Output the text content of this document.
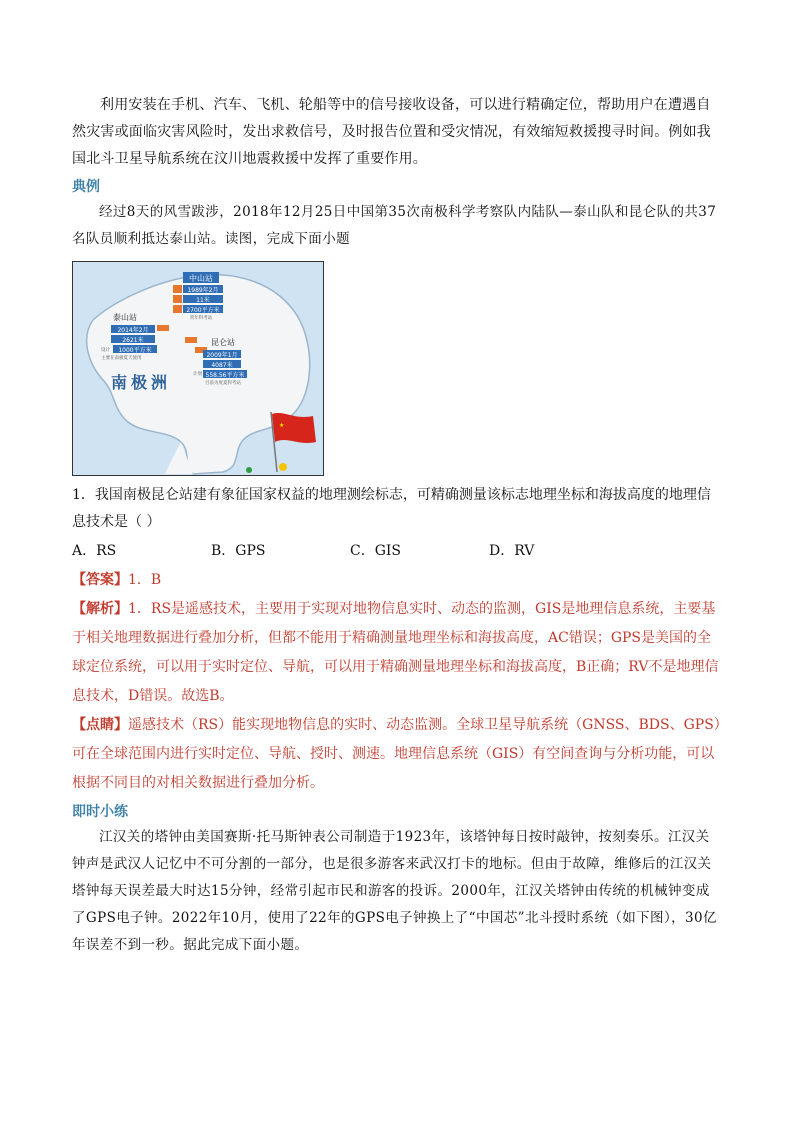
利用安装在手机、汽车、飞机、轮船等中的信号接收设备，可以进行精确定位，帮助用户在遭遇自然灾害或面临灾害风险时，发出求救信号，及时报告位置和受灾情况，有效缩短救援搜寻时间。例如我国北斗卫星导航系统在汶川地震救援中发挥了重要作用。

典例

经过8天的风雪跋涉，2018年12月25日中国第35次南极科学考察队内陆队—泰山队和昆仑队的共37名队员顺利抵达泰山站。读图，完成下面小题

中山站
1989年2月
11米
2700平方米
常年科考站
泰山站
2014年2月
2621米
1000平方米
设计
主要在南极夏天使用
昆仑站
2009年1月
4087米
558.56平方米
计划
目前为度夏科考站
南极洲
★

1．我国南极昆仑站建有象征国家权益的地理测绘标志，可精确测量该标志地理坐标和海拔高度的地理信息技术是（ ）

A．RS	B．GPS	C．GIS	D．RV

【答案】1．B

【解析】1．RS是遥感技术，主要用于实现对地物信息实时、动态的监测，GIS是地理信息系统，主要基于相关地理数据进行叠加分析，但都不能用于精确测量地理坐标和海拔高度，AC错误；GPS是美国的全球定位系统，可以用于实时定位、导航，可以用于精确测量地理坐标和海拔高度，B正确；RV不是地理信息技术，D错误。故选B。

【点睛】遥感技术（RS）能实现地物信息的实时、动态监测。全球卫星导航系统（GNSS、BDS、GPS）可在全球范围内进行实时定位、导航、授时、测速。地理信息系统（GIS）有空间查询与分析功能，可以根据不同目的对相关数据进行叠加分析。

即时小练

江汉关的塔钟由美国赛斯·托马斯钟表公司制造于1923年，该塔钟每日按时敲钟，按刻奏乐。江汉关钟声是武汉人记忆中不可分割的一部分，也是很多游客来武汉打卡的地标。但由于故障，维修后的江汉关塔钟每天误差最大时达15分钟，经常引起市民和游客的投诉。2000年，江汉关塔钟由传统的机械钟变成了GPS电子钟。2022年10月，使用了22年的GPS电子钟换上了“中国芯”北斗授时系统（如下图），30亿年误差不到一秒。据此完成下面小题。
